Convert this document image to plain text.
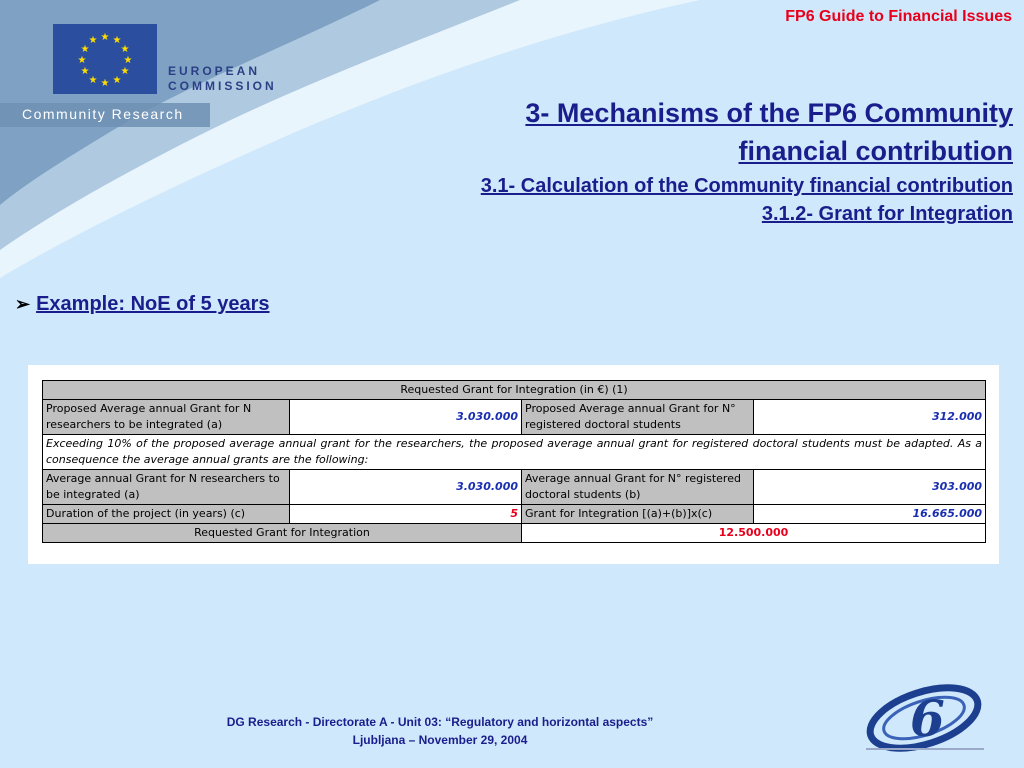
FP6 Guide to Financial Issues
★ ★
★
★
★
★
★
★
★
★
★
★
EUROPEAN
COMMISSION
Community Research	3- Mechanisms of the FP6 Community
financial contribution
3.1- Calculation of the Community financial contribution
3.1.2- Grant for Integration
➢ Example: NoE of 5 years
Requested Grant for Integration (in €) (1)			
Proposed Average annual Grant for N researchers to be integrated (a)	3.030.000	Proposed Average annual Grant for N° registered doctoral students	312.000
Exceeding 10% of the proposed average annual grant for the researchers, the proposed average annual grant for registered doctoral students must be adapted. As a consequence the average annual grants are the following:			
Average annual Grant for N researchers to be integrated (a)	3.030.000	Average annual Grant for N° registered doctoral students (b)	303.000
Duration of the project (in years) (c)	5	Grant for Integration [(a)+(b)]x(c)	16.665.000
Requested Grant for Integration		12.500.000	
DG Research - Directorate A - Unit 03: “Regulatory and horizontal aspects”
Ljubljana – November 29, 2004	6
